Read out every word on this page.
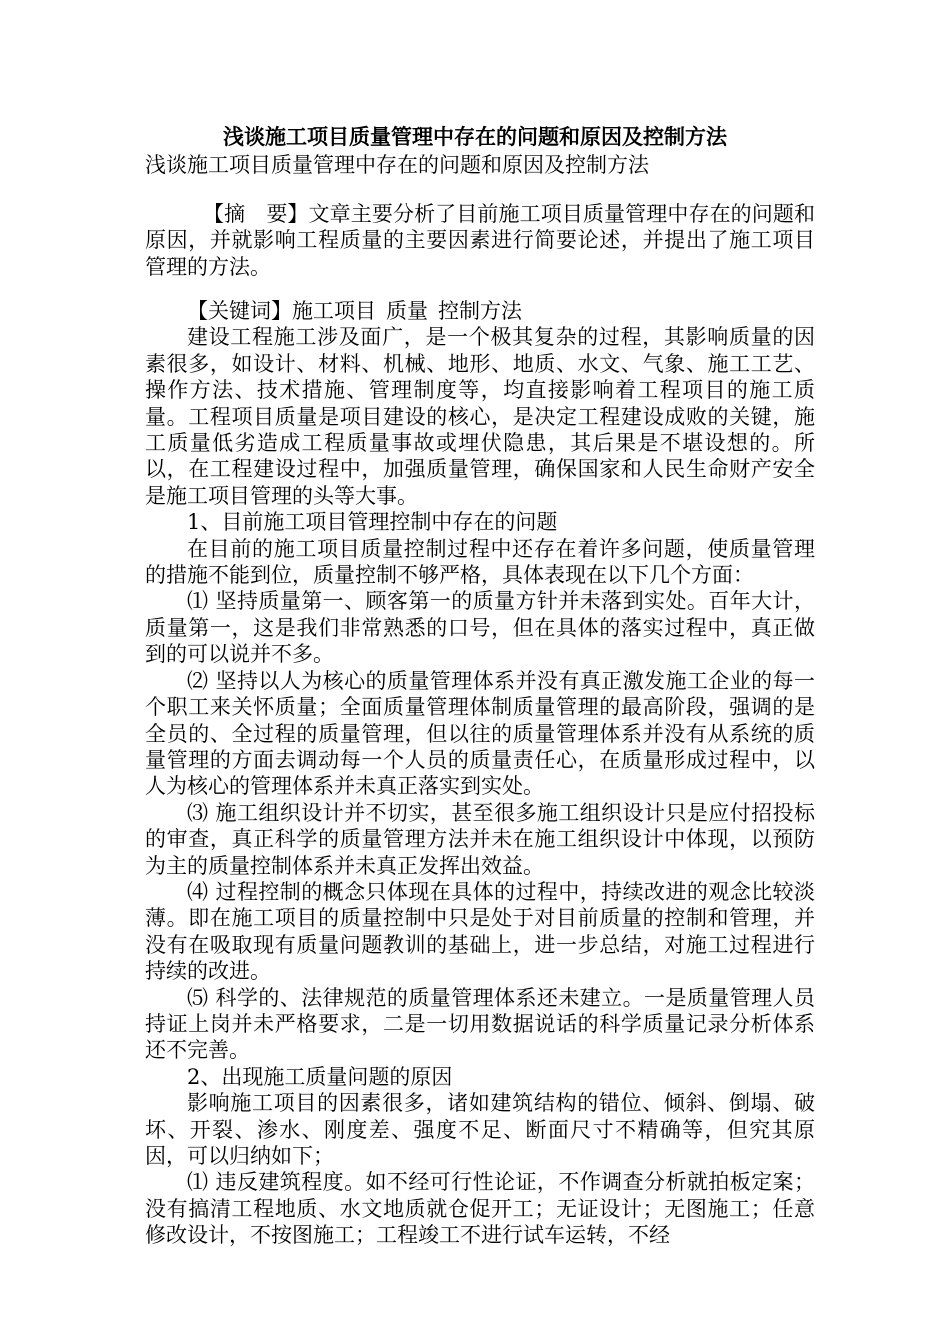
浅谈施工项目质量管理中存在的问题和原因及控制方法
浅谈施工项目质量管理中存在的问题和原因及控制方法

【摘　要】文章主要分析了目前施工项目质量管理中存在的问题和原因，并就影响工程质量的主要因素进行简要论述，并提出了施工项目管理的方法。

【关键词】施工项目 质量 控制方法

建设工程施工涉及面广，是一个极其复杂的过程，其影响质量的因素很多，如设计、材料、机械、地形、地质、水文、气象、施工工艺、操作方法、技术措施、管理制度等，均直接影响着工程项目的施工质量。工程项目质量是项目建设的核心，是决定工程建设成败的关键，施工质量低劣造成工程质量事故或埋伏隐患，其后果是不堪设想的。所以，在工程建设过程中，加强质量管理，确保国家和人民生命财产安全是施工项目管理的头等大事。

1、目前施工项目管理控制中存在的问题

在目前的施工项目质量控制过程中还存在着许多问题，使质量管理的措施不能到位，质量控制不够严格，具体表现在以下几个方面：

⑴ 坚持质量第一、顾客第一的质量方针并未落到实处。百年大计，质量第一，这是我们非常熟悉的口号，但在具体的落实过程中，真正做到的可以说并不多。

⑵ 坚持以人为核心的质量管理体系并没有真正激发施工企业的每一个职工来关怀质量；全面质量管理体制质量管理的最高阶段，强调的是全员的、全过程的质量管理，但以往的质量管理体系并没有从系统的质量管理的方面去调动每一个人员的质量责任心，在质量形成过程中，以人为核心的管理体系并未真正落实到实处。

⑶ 施工组织设计并不切实，甚至很多施工组织设计只是应付招投标的审查，真正科学的质量管理方法并未在施工组织设计中体现，以预防为主的质量控制体系并未真正发挥出效益。

⑷ 过程控制的概念只体现在具体的过程中，持续改进的观念比较淡薄。即在施工项目的质量控制中只是处于对目前质量的控制和管理，并没有在吸取现有质量问题教训的基础上，进一步总结，对施工过程进行持续的改进。

⑸ 科学的、法律规范的质量管理体系还未建立。一是质量管理人员持证上岗并未严格要求，二是一切用数据说话的科学质量记录分析体系还不完善。

2、出现施工质量问题的原因

影响施工项目的因素很多，诸如建筑结构的错位、倾斜、倒塌、破坏、开裂、渗水、刚度差、强度不足、断面尺寸不精确等，但究其原因，可以归纳如下；

⑴ 违反建筑程度。如不经可行性论证，不作调查分析就拍板定案；没有搞清工程地质、水文地质就仓促开工；无证设计；无图施工；任意修改设计，不按图施工；工程竣工不进行试车运转，不经
